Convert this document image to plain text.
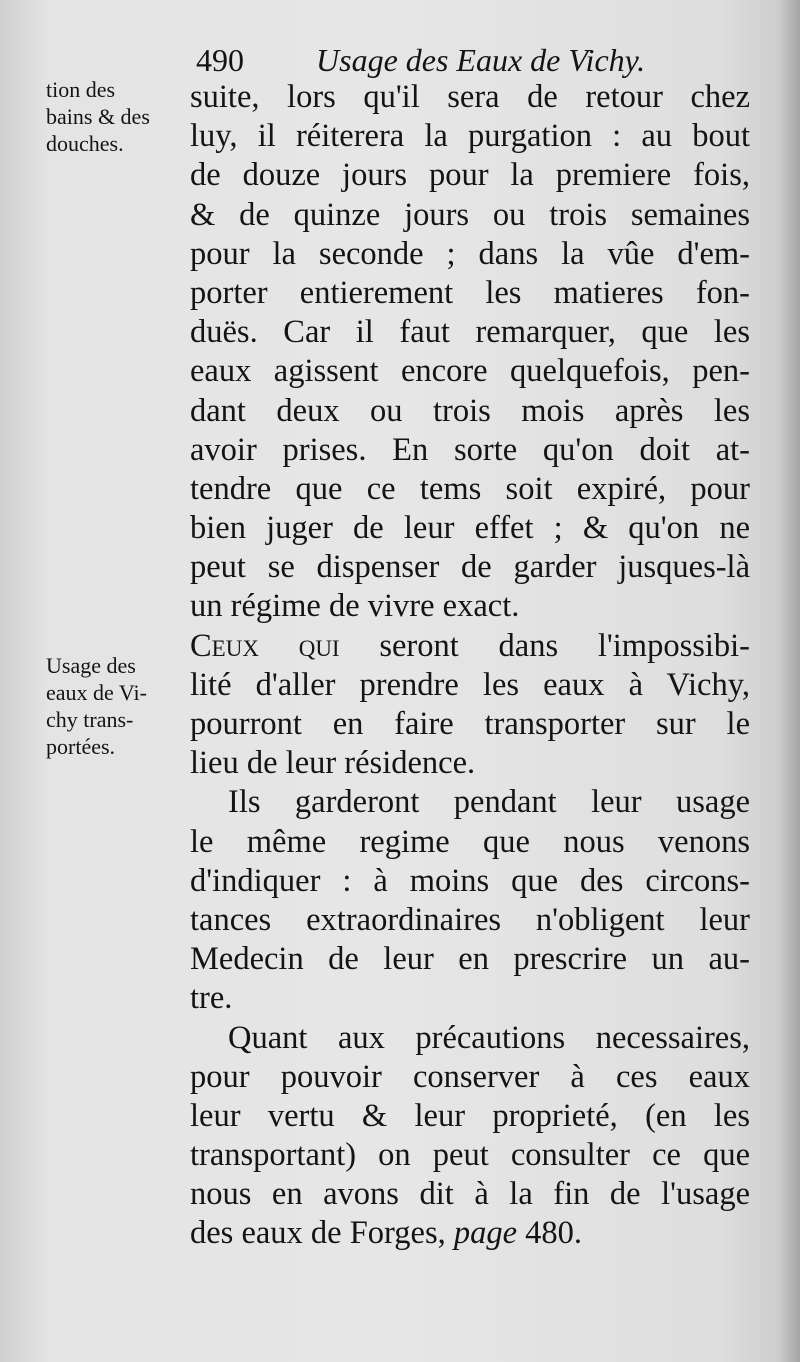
490 Usage des Eaux de Vichy.
tion des
bains & des
douches.
Usage des
eaux de Vi-
chy trans-
portées.
suite, lors qu'il sera de retour chez
luy, il réiterera la purgation : au bout
de douze jours pour la premiere fois,
& de quinze jours ou trois semaines
pour la seconde ; dans la vûe d'em-
porter entierement les matieres fon-
duës. Car il faut remarquer, que les
eaux agissent encore quelquefois, pen-
dant deux ou trois mois après les
avoir prises. En sorte qu'on doit at-
tendre que ce tems soit expiré, pour
bien juger de leur effet ; & qu'on ne
peut se dispenser de garder jusques-là
un régime de vivre exact.
Ceux qui seront dans l'impossibi-
lité d'aller prendre les eaux à Vichy,
pourront en faire transporter sur le
lieu de leur résidence.
Ils garderont pendant leur usage
le même regime que nous venons
d'indiquer : à moins que des circons-
tances extraordinaires n'obligent leur
Medecin de leur en prescrire un au-
tre.
Quant aux précautions necessaires,
pour pouvoir conserver à ces eaux
leur vertu & leur proprieté, (en les
transportant) on peut consulter ce que
nous en avons dit à la fin de l'usage
des eaux de Forges, page 480.
